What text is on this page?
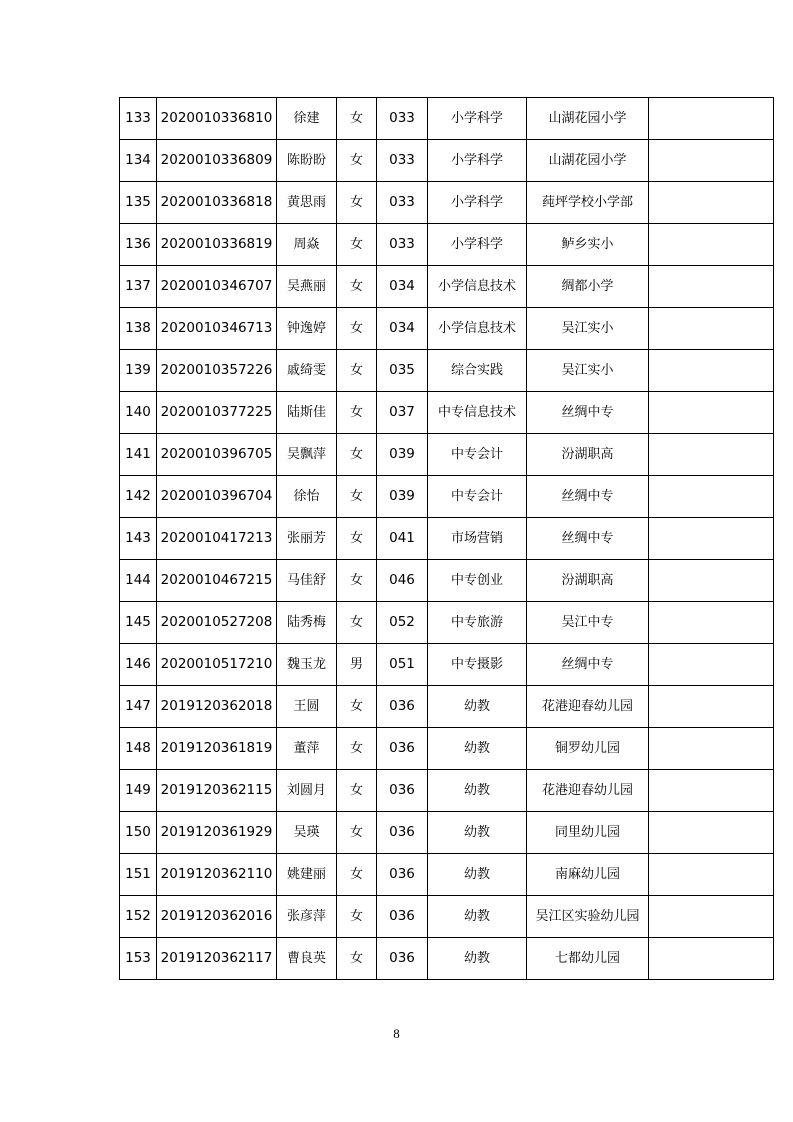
133	2020010336810	徐建	女	033	小学科学	山湖花园小学	
134	2020010336809	陈盼盼	女	033	小学科学	山湖花园小学	
135	2020010336818	黄思雨	女	033	小学科学	莼坪学校小学部	
136	2020010336819	周焱	女	033	小学科学	鲈乡实小	
137	2020010346707	吴燕丽	女	034	小学信息技术	绸都小学	
138	2020010346713	钟逸婷	女	034	小学信息技术	吴江实小	
139	2020010357226	戚绮雯	女	035	综合实践	吴江实小	
140	2020010377225	陆斯佳	女	037	中专信息技术	丝绸中专	
141	2020010396705	吴飘萍	女	039	中专会计	汾湖职高	
142	2020010396704	徐怡	女	039	中专会计	丝绸中专	
143	2020010417213	张丽芳	女	041	市场营销	丝绸中专	
144	2020010467215	马佳舒	女	046	中专创业	汾湖职高	
145	2020010527208	陆秀梅	女	052	中专旅游	吴江中专	
146	2020010517210	魏玉龙	男	051	中专摄影	丝绸中专	
147	2019120362018	王圆	女	036	幼教	花港迎春幼儿园	
148	2019120361819	董萍	女	036	幼教	铜罗幼儿园	
149	2019120362115	刘圆月	女	036	幼教	花港迎春幼儿园	
150	2019120361929	吴瑛	女	036	幼教	同里幼儿园	
151	2019120362110	姚建丽	女	036	幼教	南麻幼儿园	
152	2019120362016	张彦萍	女	036	幼教	吴江区实验幼儿园	
153	2019120362117	曹良英	女	036	幼教	七都幼儿园	
8
